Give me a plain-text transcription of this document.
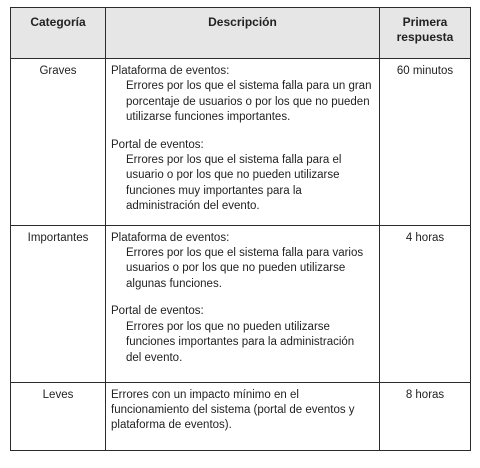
Categoría	Descripción	Primera respuesta
Graves	Plataforma de eventos:
Errores por los que el sistema falla para un gran porcentaje de usuarios o por los que no pueden utilizarse funciones importantes.
Portal de eventos:
Errores por los que el sistema falla para el usuario o por los que no pueden utilizarse funciones muy importantes para la administración del evento.	60 minutos
Importantes	Plataforma de eventos:
Errores por los que el sistema falla para varios usuarios o por los que no pueden utilizarse algunas funciones.
Portal de eventos:
Errores por los que no pueden utilizarse funciones importantes para la administración del evento.	4 horas
Leves	Errores con un impacto mínimo en el funcionamiento del sistema (portal de eventos y plataforma de eventos).	8 horas
